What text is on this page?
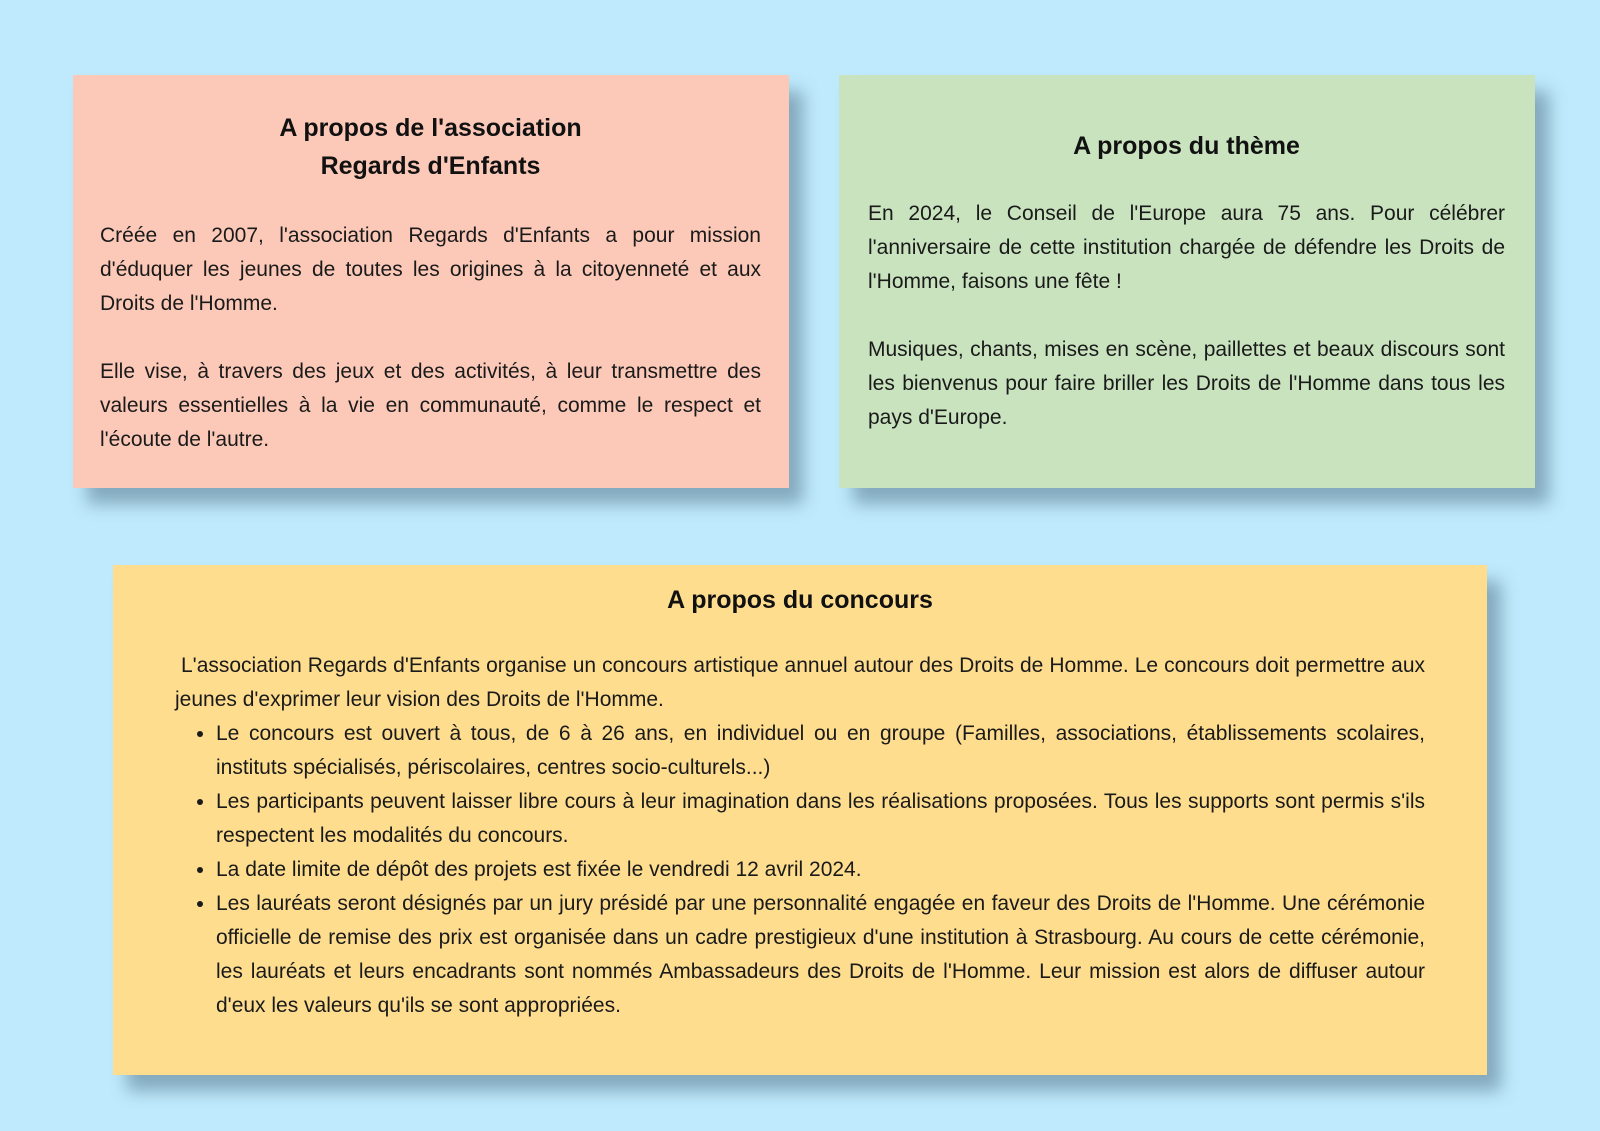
A propos de l'association
Regards d'Enfants

Créée en 2007, l'association Regards d'Enfants a pour mission d'éduquer les jeunes de toutes les origines à la citoyenneté et aux Droits de l'Homme.

Elle vise, à travers des jeux et des activités, à leur transmettre des valeurs essentielles à la vie en communauté, comme le respect et l'écoute de l'autre.

A propos du thème

En 2024, le Conseil de l'Europe aura 75 ans. Pour célébrer l'anniversaire de cette institution chargée de défendre les Droits de l'Homme, faisons une fête !

Musiques, chants, mises en scène, paillettes et beaux discours sont les bienvenus pour faire briller les Droits de l'Homme dans tous les pays d'Europe.

A propos du concours

L'association Regards d'Enfants organise un concours artistique annuel autour des Droits de Homme. Le concours doit permettre aux jeunes d'exprimer leur vision des Droits de l'Homme.

• Le concours est ouvert à tous, de 6 à 26 ans, en individuel ou en groupe (Familles, associations, établissements scolaires, instituts spécialisés, périscolaires, centres socio-culturels...)
• Les participants peuvent laisser libre cours à leur imagination dans les réalisations proposées. Tous les supports sont permis s'ils respectent les modalités du concours.
• La date limite de dépôt des projets est fixée le vendredi 12 avril 2024.
• Les lauréats seront désignés par un jury présidé par une personnalité engagée en faveur des Droits de l'Homme. Une cérémonie officielle de remise des prix est organisée dans un cadre prestigieux d'une institution à Strasbourg. Au cours de cette cérémonie, les lauréats et leurs encadrants sont nommés Ambassadeurs des Droits de l'Homme. Leur mission est alors de diffuser autour d'eux les valeurs qu'ils se sont appropriées.
